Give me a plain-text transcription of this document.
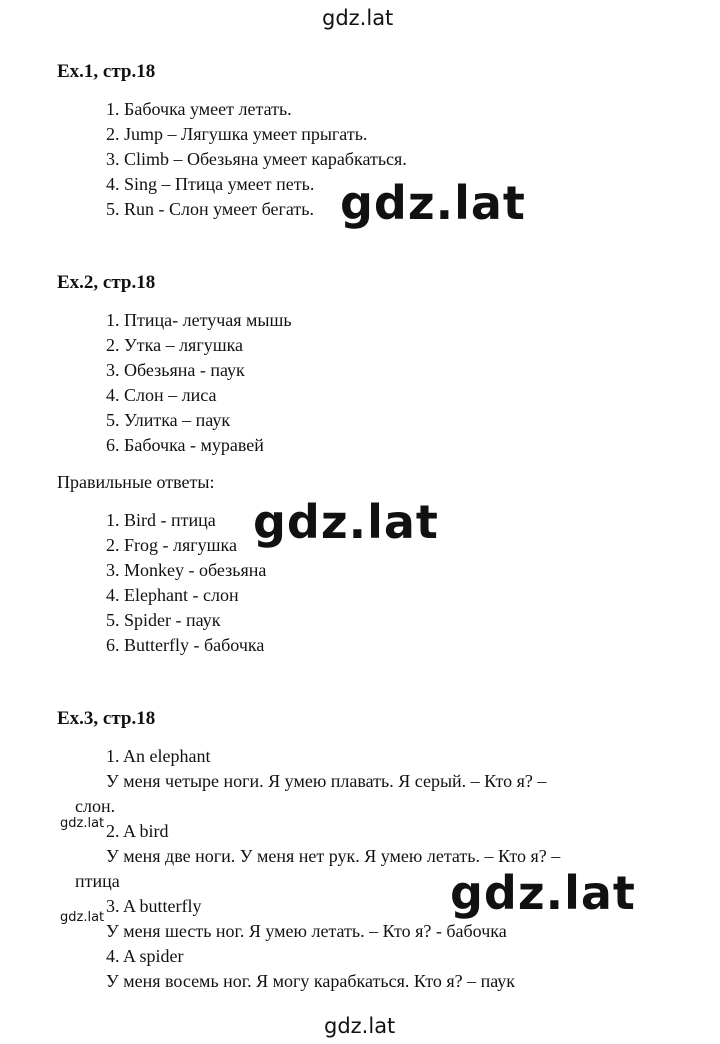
gdz.lat
gdz.lat
gdz.lat
gdz.lat
gdz.lat
gdz.lat
gdz.lat
Ex.1, стр.18
1. Бабочка умеет летать.
2. Jump – Лягушка умеет прыгать.
3. Climb – Обезьяна умеет карабкаться.
4. Sing – Птица умеет петь.
5. Run - Слон умеет бегать.
Ex.2, стр.18
1. Птица- летучая мышь
2. Утка – лягушка
3. Обезьяна - паук
4. Слон – лиса
5. Улитка – паук
6. Бабочка - муравей
Правильные ответы:
1. Bird - птица
2. Frog - лягушка
3. Monkey - обезьяна
4. Elephant - слон
5. Spider - паук
6. Butterfly - бабочка
Ex.3, стр.18
1. An elephant
У меня четыре ноги. Я умею плавать. Я серый. – Кто я? –
слон.
2. A bird
У меня две ноги. У меня нет рук. Я умею летать. – Кто я? –
птица
3. A butterfly
У меня шесть ног. Я умею летать. – Кто я? - бабочка
4. A spider
У меня восемь ног. Я могу карабкаться. Кто я? – паук
